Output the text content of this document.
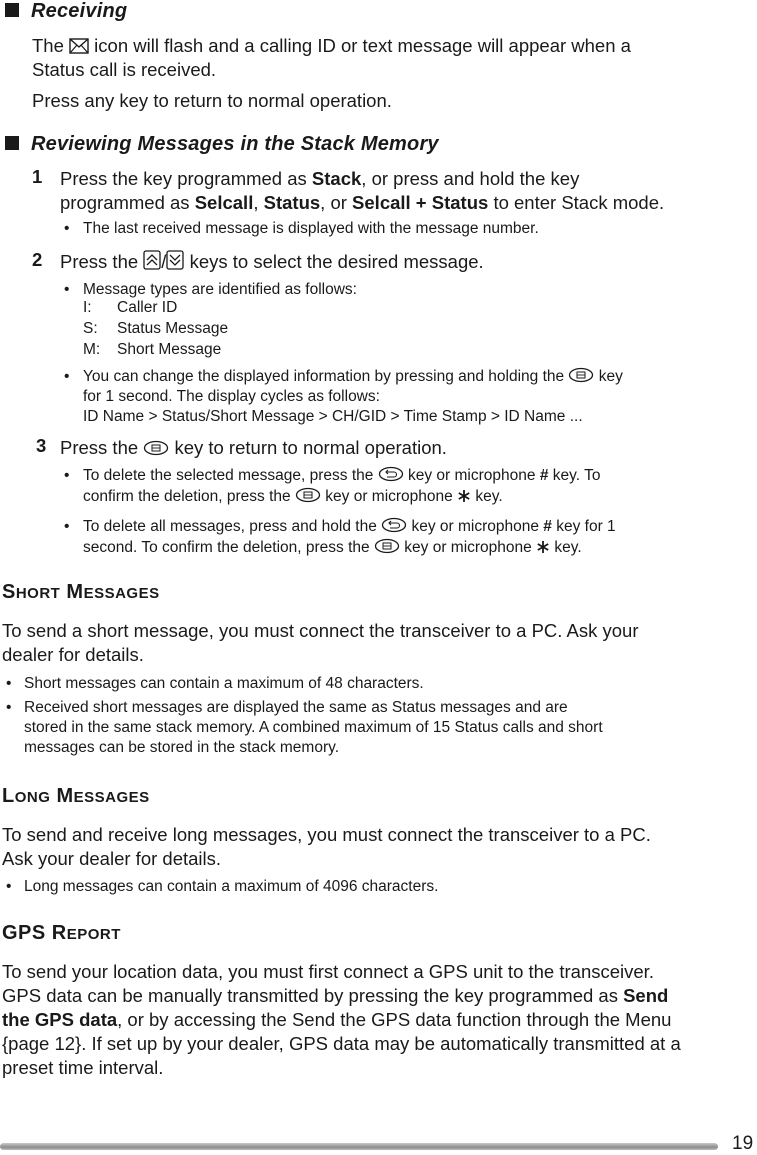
Receiving
The icon will flash and a calling ID or text message will appear when a
Status call is received.
Press any key to return to normal operation.
Reviewing Messages in the Stack Memory
1 Press the key programmed as Stack, or press and hold the key
programmed as Selcall, Status, or Selcall + Status to enter Stack mode.
• The last received message is displayed with the message number.
2 Press the / keys to select the desired message.
• Message types are identified as follows:
I: Caller ID
S: Status Message
M: Short Message
• You can change the displayed information by pressing and holding the key
for 1 second. The display cycles as follows:
ID Name > Status/Short Message > CH/GID > Time Stamp > ID Name ...
3 Press the key to return to normal operation.
• To delete the selected message, press the key or microphone # key. To
confirm the deletion, press the key or microphone key.
• To delete all messages, press and hold the key or microphone # key for 1
second. To confirm the deletion, press the key or microphone key.
SHORT MESSAGES
To send a short message, you must connect the transceiver to a PC. Ask your
dealer for details.
• Short messages can contain a maximum of 48 characters.
• Received short messages are displayed the same as Status messages and are
stored in the same stack memory. A combined maximum of 15 Status calls and short
messages can be stored in the stack memory.
LONG MESSAGES
To send and receive long messages, you must connect the transceiver to a PC.
Ask your dealer for details.
• Long messages can contain a maximum of 4096 characters.
GPS REPORT
To send your location data, you must first connect a GPS unit to the transceiver.
GPS data can be manually transmitted by pressing the key programmed as Send
the GPS data, or by accessing the Send the GPS data function through the Menu
{page 12}. If set up by your dealer, GPS data may be automatically transmitted at a
preset time interval.
19
